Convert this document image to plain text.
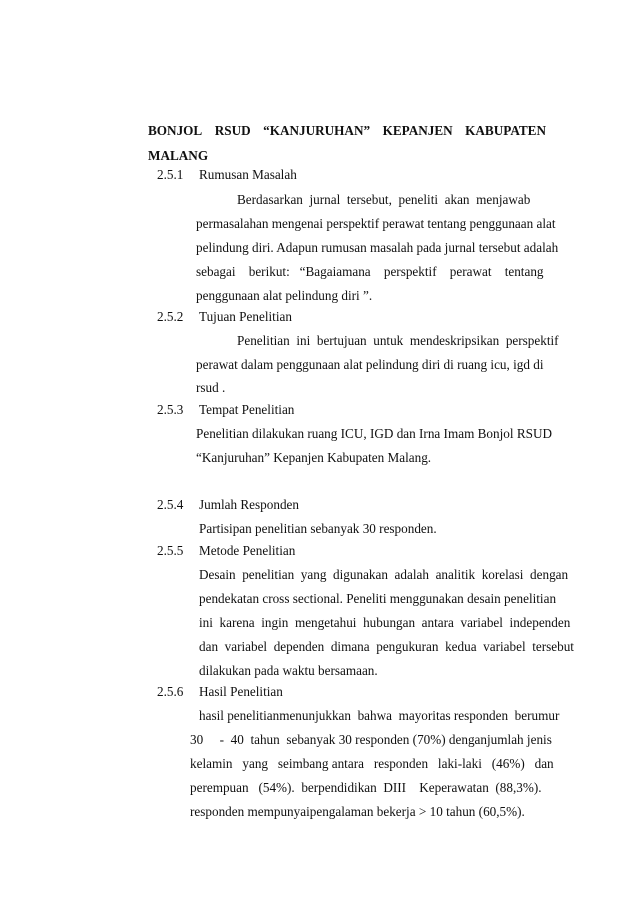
BONJOL RSUD “KANJURUHAN” KEPANJEN KABUPATEN
MALANG
2.5.1 Rumusan Masalah
Berdasarkan  jurnal  tersebut,  peneliti  akan  menjawab
permasalahan mengenai perspektif perawat tentang penggunaan alat
pelindung diri. Adapun rumusan masalah pada jurnal tersebut adalah
sebagai    berikut:   “Bagaiamana    perspektif    perawat    tentang
penggunaan alat pelindung diri ”.
2.5.2 Tujuan Penelitian
Penelitian  ini  bertujuan  untuk  mendeskripsikan  perspektif
perawat dalam penggunaan alat pelindung diri di ruang icu, igd di
rsud .
2.5.3 Tempat Penelitian
Penelitian dilakukan ruang ICU, IGD dan Irna Imam Bonjol RSUD
“Kanjuruhan” Kepanjen Kabupaten Malang.
2.5.4 Jumlah Responden
Partisipan penelitian sebanyak 30 responden.
2.5.5 Metode Penelitian
Desain  penelitian  yang  digunakan  adalah  analitik  korelasi  dengan
pendekatan cross sectional. Peneliti menggunakan desain penelitian
ini  karena  ingin  mengetahui  hubungan  antara  variabel  independen
dan  variabel  dependen  dimana  pengukuran  kedua  variabel  tersebut
dilakukan pada waktu bersamaan.
2.5.6 Hasil Penelitian
hasil penelitianmenunjukkan  bahwa  mayoritas responden  berumur
30     -  40  tahun  sebanyak 30 responden (70%) denganjumlah jenis
kelamin   yang   seimbang antara   responden   laki-laki   (46%)   dan
perempuan   (54%).  berpendidikan  DIII    Keperawatan  (88,3%).
responden mempunyaipengalaman bekerja > 10 tahun (60,5%).
